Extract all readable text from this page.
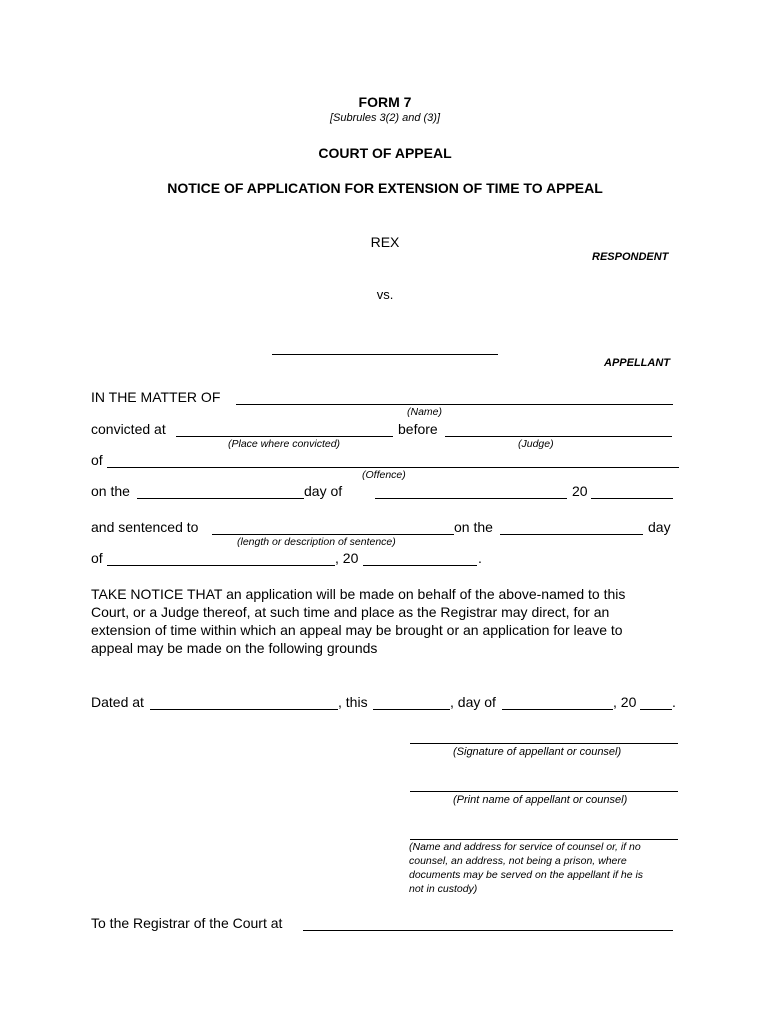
FORM 7
[Subrules 3(2) and (3)]
COURT OF APPEAL
NOTICE OF APPLICATION FOR EXTENSION OF TIME TO APPEAL
REX
RESPONDENT
vs.
APPELLANT
IN THE MATTER OF
(Name)
convicted at	before
(Place where convicted)	(Judge)
of
(Offence)
on the	day of	20
and sentenced to	on the	day
(length or description of sentence)
of	, 20	.
TAKE NOTICE THAT an application will be made on behalf of the above-named to this
Court, or a Judge thereof, at such time and place as the Registrar may direct, for an
extension of time within which an appeal may be brought or an application for leave to
appeal may be made on the following grounds
Dated at	, this	, day of	, 20	.
(Signature of appellant or counsel)
(Print name of appellant or counsel)
(Name and address for service of counsel or, if no
counsel, an address, not being a prison, where
documents may be served on the appellant if he is
not in custody)
To the Registrar of the Court at
